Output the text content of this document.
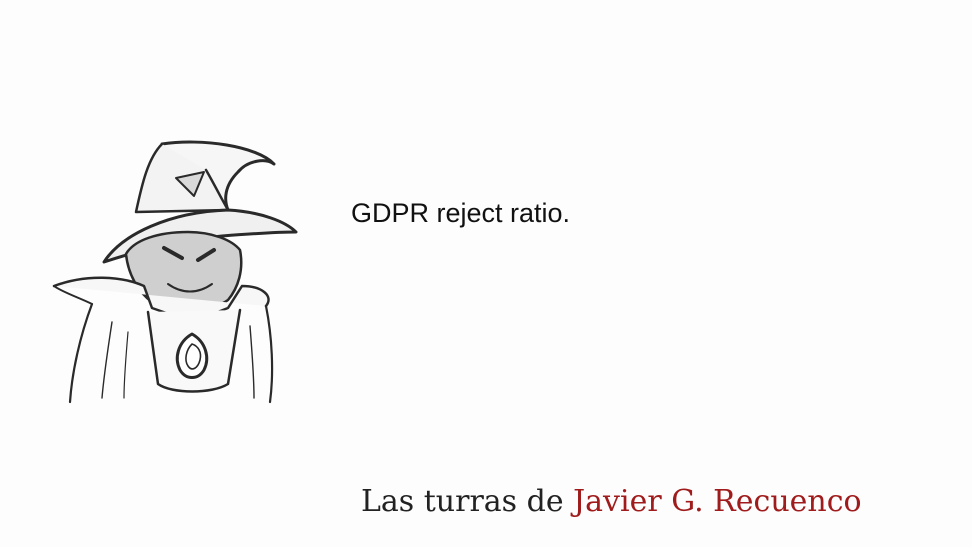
GDPR reject ratio.
Las turras de Javier G. Recuenco
